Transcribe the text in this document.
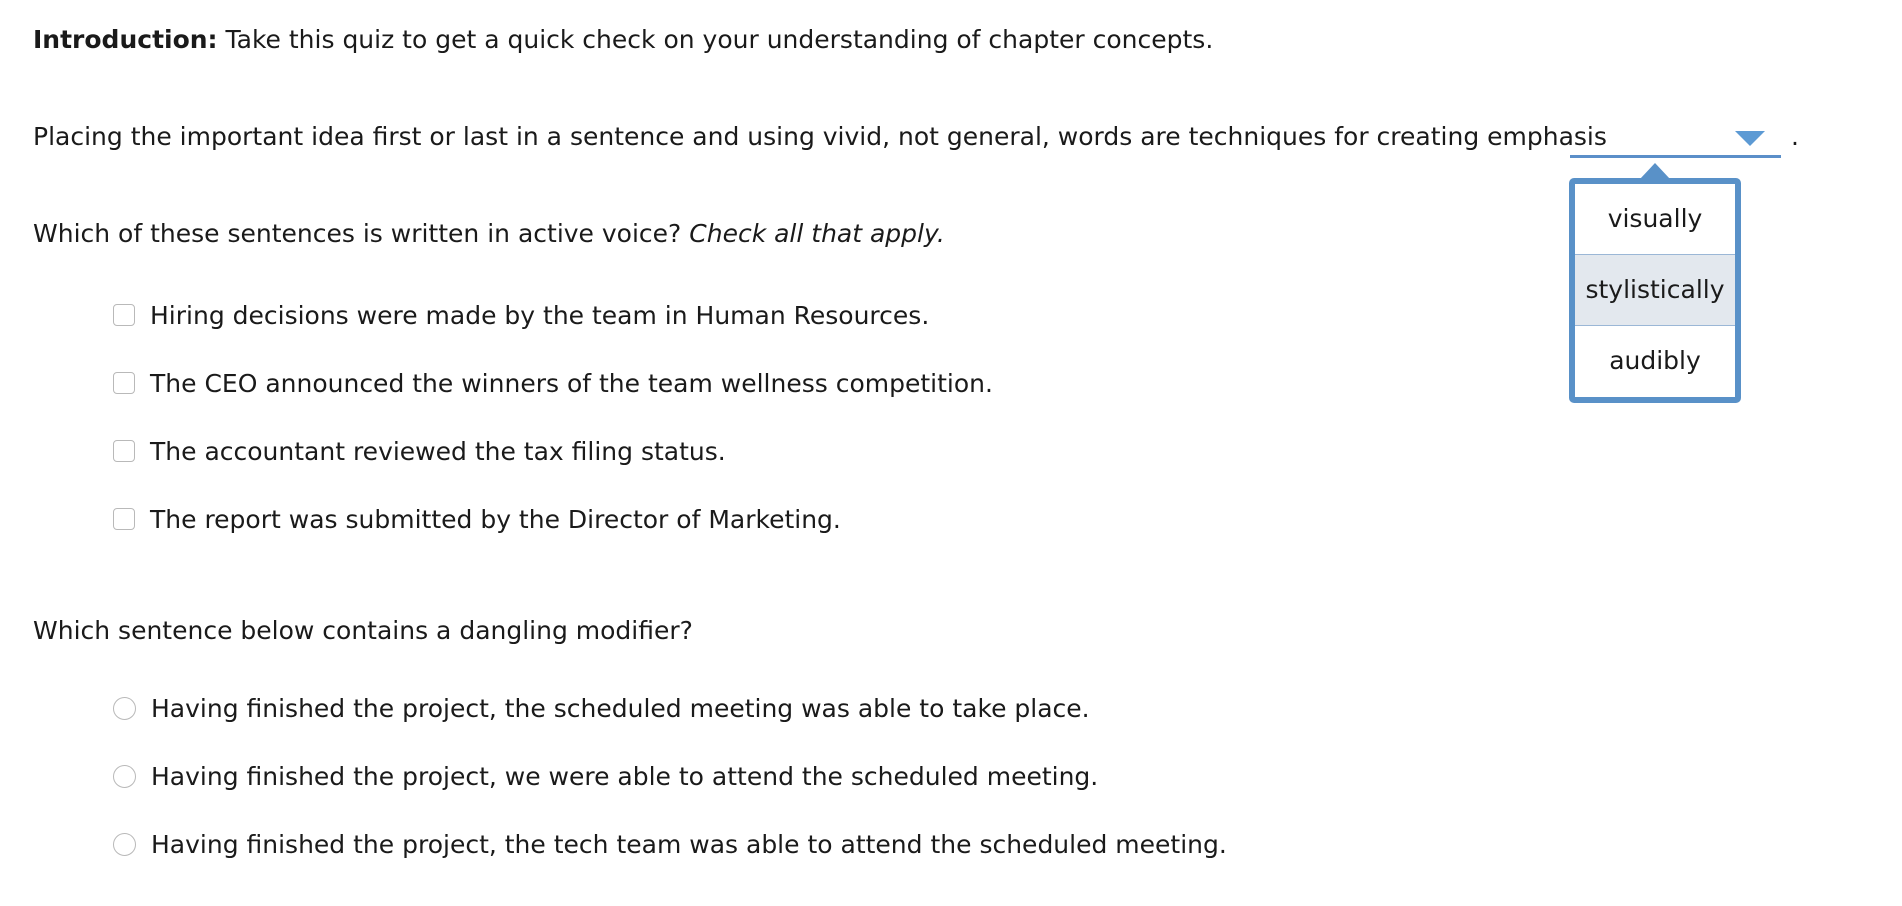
Introduction: Take this quiz to get a quick check on your understanding of chapter concepts.
Placing the important idea first or last in a sentence and using vivid, not general, words are techniques for creating emphasis	.
visually
stylistically
audibly
Which of these sentences is written in active voice? Check all that apply.
Hiring decisions were made by the team in Human Resources.
The CEO announced the winners of the team wellness competition.
The accountant reviewed the tax filing status.
The report was submitted by the Director of Marketing.
Which sentence below contains a dangling modifier?
Having finished the project, the scheduled meeting was able to take place.
Having finished the project, we were able to attend the scheduled meeting.
Having finished the project, the tech team was able to attend the scheduled meeting.
